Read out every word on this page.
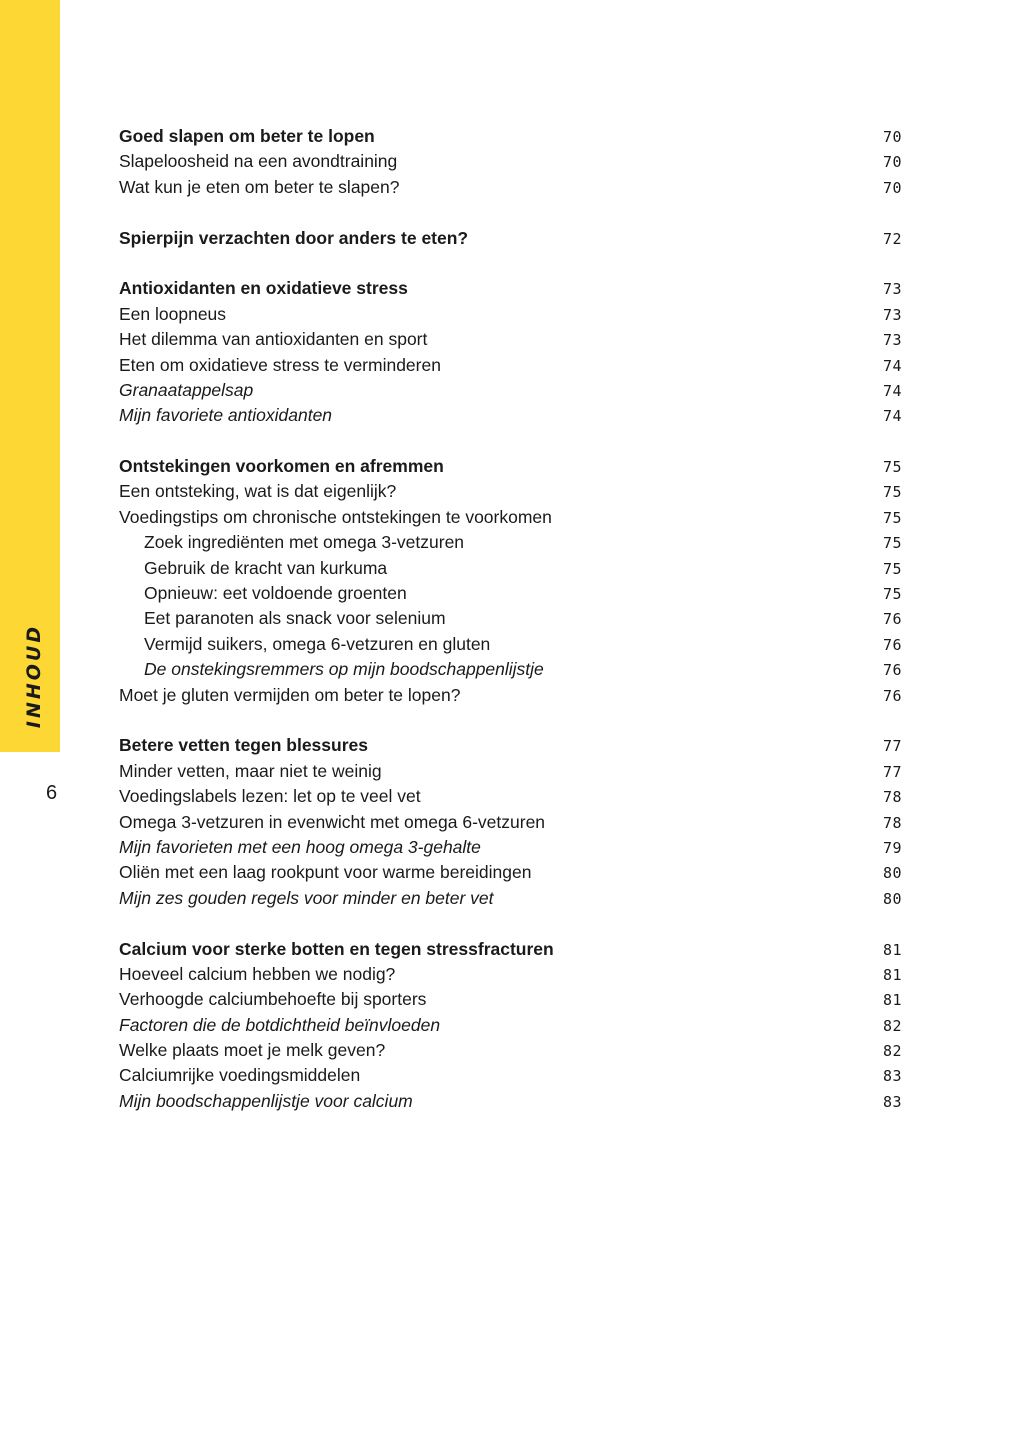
INHOUD
6
Goed slapen om beter te lopen	70
Slapeloosheid na een avondtraining	70
Wat kun je eten om beter te slapen?	70
Spierpijn verzachten door anders te eten?	72
Antioxidanten en oxidatieve stress	73
Een loopneus	73
Het dilemma van antioxidanten en sport	73
Eten om oxidatieve stress te verminderen	74
Granaatappelsap	74
Mijn favoriete antioxidanten	74
Ontstekingen voorkomen en afremmen	75
Een ontsteking, wat is dat eigenlijk?	75
Voedingstips om chronische ontstekingen te voorkomen	75
Zoek ingrediënten met omega 3-vetzuren	75
Gebruik de kracht van kurkuma	75
Opnieuw: eet voldoende groenten	75
Eet paranoten als snack voor selenium	76
Vermijd suikers, omega 6-vetzuren en gluten	76
De onstekingsremmers op mijn boodschappenlijstje	76
Moet je gluten vermijden om beter te lopen?	76
Betere vetten tegen blessures	77
Minder vetten, maar niet te weinig	77
Voedingslabels lezen: let op te veel vet	78
Omega 3-vetzuren in evenwicht met omega 6-vetzuren	78
Mijn favorieten met een hoog omega 3-gehalte	79
Oliën met een laag rookpunt voor warme bereidingen	80
Mijn zes gouden regels voor minder en beter vet	80
Calcium voor sterke botten en tegen stressfracturen	81
Hoeveel calcium hebben we nodig?	81
Verhoogde calciumbehoefte bij sporters	81
Factoren die de botdichtheid beïnvloeden	82
Welke plaats moet je melk geven?	82
Calciumrijke voedingsmiddelen	83
Mijn boodschappenlijstje voor calcium	83
